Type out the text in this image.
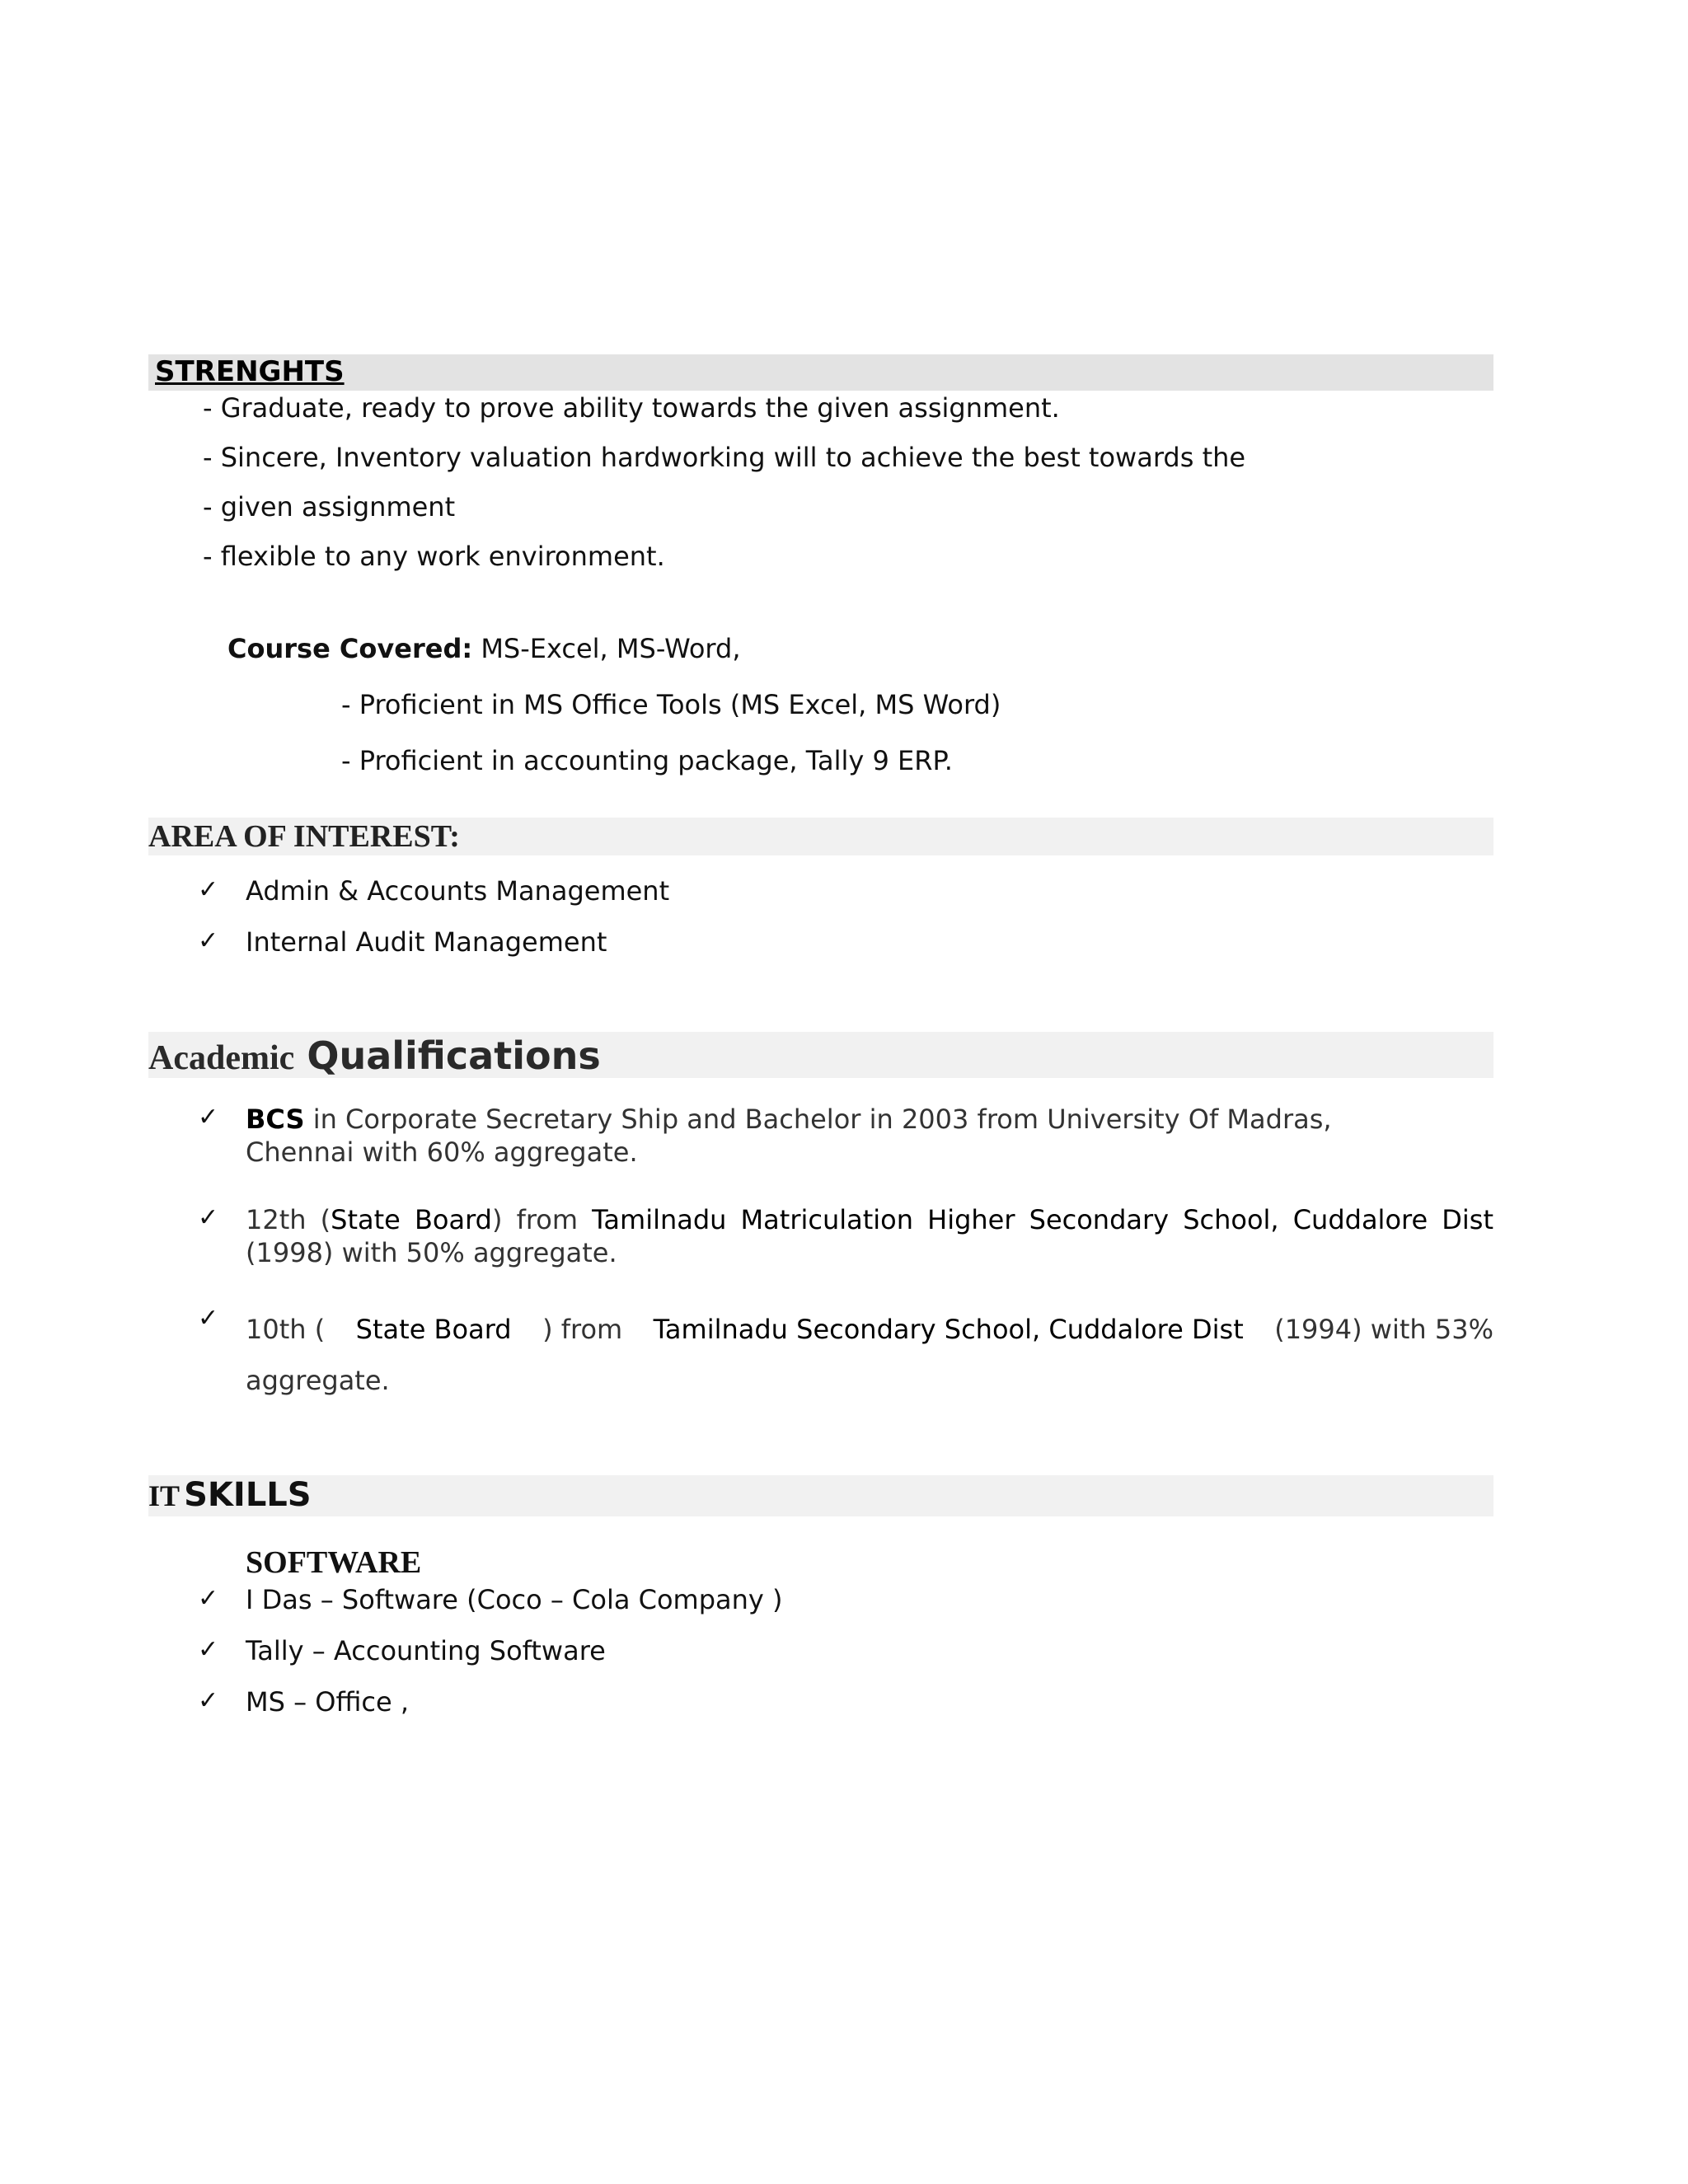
STRENGHTS
- Graduate, ready to prove ability towards the given assignment.
- Sincere, Inventory valuation hardworking will to achieve the best towards the
- given assignment
- flexible to any work environment.
Course Covered: MS-Excel, MS-Word,
- Proficient in MS Office Tools (MS Excel, MS Word)
- Proficient in accounting package, Tally 9 ERP.
AREA OF INTEREST:
✓ Admin & Accounts Management
✓ Internal Audit Management
Academic Qualifications
✓ BCS in Corporate Secretary Ship and Bachelor in 2003 from University Of Madras,
Chennai with 60% aggregate.
✓ 12th (State Board) from Tamilnadu Matriculation Higher Secondary School, Cuddalore Dist
(1998) with 50% aggregate.
✓ 10th ( State Board ) from Tamilnadu Secondary School, Cuddalore Dist (1994) with 53%
aggregate.
IT SKILLS
SOFTWARE
✓ I Das – Software (Coco – Cola Company )
✓ Tally – Accounting Software
✓ MS – Office ,
